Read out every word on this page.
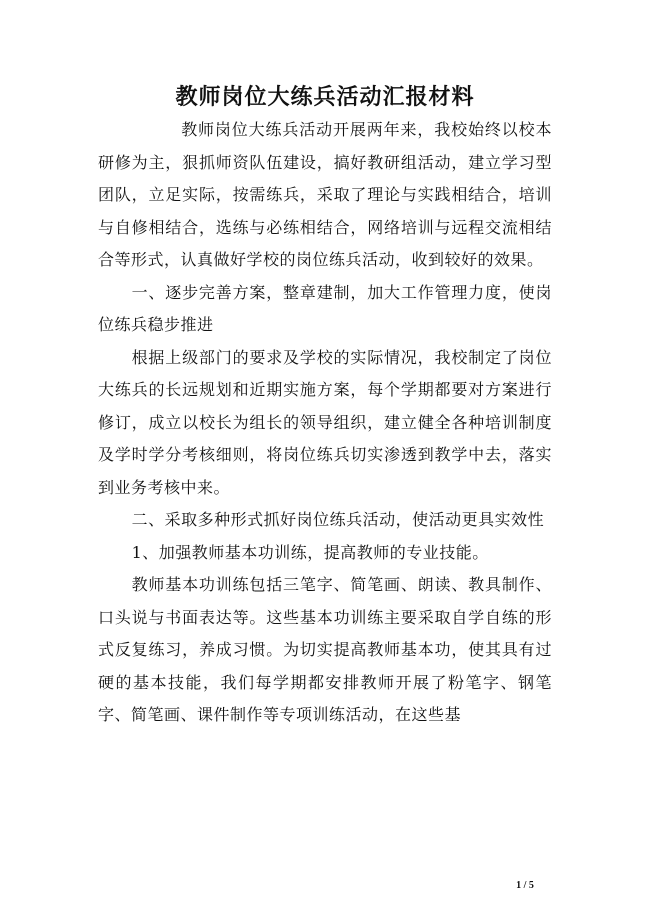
教师岗位大练兵活动汇报材料

教师岗位大练兵活动开展两年来，我校始终以校本研修为主，狠抓师资队伍建设，搞好教研组活动，建立学习型团队，立足实际，按需练兵，采取了理论与实践相结合，培训与自修相结合，选练与必练相结合，网络培训与远程交流相结合等形式，认真做好学校的岗位练兵活动，收到较好的效果。

一、逐步完善方案，整章建制，加大工作管理力度，使岗位练兵稳步推进

根据上级部门的要求及学校的实际情况，我校制定了岗位大练兵的长远规划和近期实施方案，每个学期都要对方案进行修订，成立以校长为组长的领导组织，建立健全各种培训制度及学时学分考核细则，将岗位练兵切实渗透到教学中去，落实到业务考核中来。

二、采取多种形式抓好岗位练兵活动，使活动更具实效性

1、加强教师基本功训练，提高教师的专业技能。

教师基本功训练包括三笔字、简笔画、朗读、教具制作、口头说与书面表达等。这些基本功训练主要采取自学自练的形式反复练习，养成习惯。为切实提高教师基本功，使其具有过硬的基本技能，我们每学期都安排教师开展了粉笔字、钢笔字、简笔画、课件制作等专项训练活动，在这些基

1 / 5
